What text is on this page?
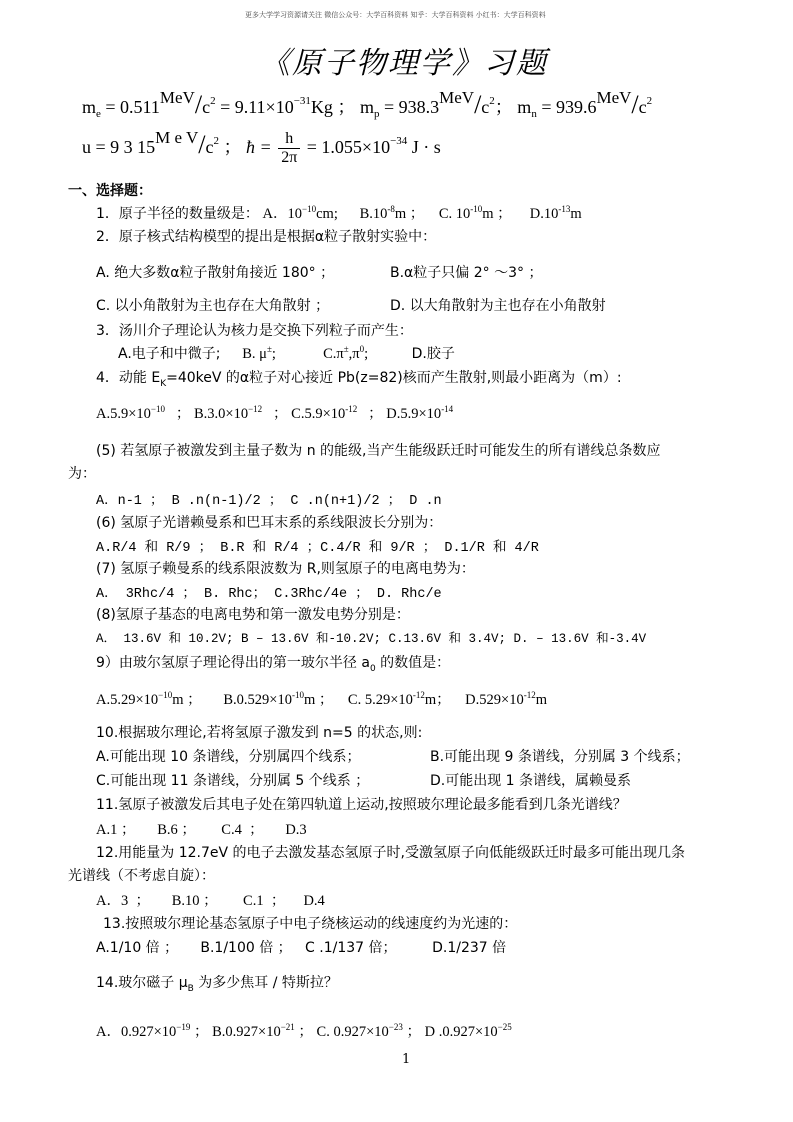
更多大学学习资源请关注 微信公众号：大学百科资料 知乎：大学百科资料 小红书：大学百科资料
《原子物理学》习题
$m_e = 0.511MeV/c^2 = 9.11\times 10^{-31}Kg$ ； $m_p = 938.3MeV/c^2$； $m_n = 939.6MeV/c^2$
u = 9 3 15M e $V/c^2$ ； ħ = $\frac{h}{2\pi} = 1.055\times 10^{-34}$ J · s
一、选择题：
1．原子半径的数量级是： A．$10^{-10}cm$; $B.10^{-8}m$ ； C. $10^{-10}m$ ； $D.10^{-13}m$
2．原子核式结构模型的提出是根据α粒子散射实验中：
A. 绝大多数α粒子散射角接近 180° ；	B.α粒子只偏 2° ～3° ；
C. 以小角散射为主也存在大角散射 ；	D. 以大角散射为主也存在小角散射
3．汤川介子理论认为核力是交换下列粒子而产生：
A.电子和中微子; B. μ±;	$C.\pi^\pm,\pi^0$;	D.胶子
4．动能 $E_K=40keV$ 的α粒子对心接近 Pb(z=82)核而产生散射,则最小距离为（m）:
$A.5.9\times 10^{-10}$ ； $B.3.0\times 10^{-12}$ ； $C.5.9\times 10^{-12}$ ； $D.5.9\times 10^{-14}$
(5) 若氢原子被激发到主量子数为 n 的能级,当产生能级跃迁时可能发生的所有谱线总条数应
为：
A．n-1 ； B .n(n-1)/2 ； C .n(n+1)/2 ； D .n
(6) 氢原子光谱赖曼系和巴耳末系的系线限波长分别为：
A.R/4 和 R/9 ； B.R 和 R/4 ；C.4/R 和 9/R ； D.1/R 和 4/R
(7) 氢原子赖曼系的线系限波数为 R,则氢原子的电离电势为：
A． 3Rhc/4 ； B. Rhc； C.3Rhc/4e ； D. Rhc/e
(8)氢原子基态的电离电势和第一激发电势分别是：
A． 13.6V 和 10.2V; B – 13.6V 和-10.2V; C.13.6V 和 3.4V; D. – 13.6V 和-3.4V
9）由玻尔氢原子理论得出的第一玻尔半径 $a_0$ 的数值是：
$A.5.29\times 10^{-10}m$ ； $B.0.529\times 10^{-10}m$ ； C. $5.29\times 10^{-12}m$； $D.529\times 10^{-12}m$
10.根据玻尔理论,若将氢原子激发到 n=5 的状态,则:
A.可能出现 10 条谱线，分别属四个线系；	B.可能出现 9 条谱线，分别属 3 个线系；
C.可能出现 11 条谱线，分别属 5 个线系 ；	D.可能出现 1 条谱线，属赖曼系
11.氢原子被激发后其电子处在第四轨道上运动,按照玻尔理论最多能看到几条光谱线？
A.1 ；      B.6 ；       C.4  ；      D.3
12.用能量为 12.7eV 的电子去激发基态氢原子时,受激氢原子向低能级跃迁时最多可能出现几条
光谱线（不考虑自旋）：
A．3  ；      B.10 ；       C.1  ；     D.4
13.按照玻尔理论基态氢原子中电子绕核运动的线速度约为光速的：
A.1/10 倍 ；     B.1/100 倍 ；   C .1/137 倍；        D.1/237 倍
14.玻尔磁子 $\mu_B$ 为多少焦耳 / 特斯拉？
A．$0.927\times 10^{-19}$ ； $B.0.927\times 10^{-21}$ ； C. $0.927\times 10^{-23}$ ； D $.0.927\times 10^{-25}$
1
